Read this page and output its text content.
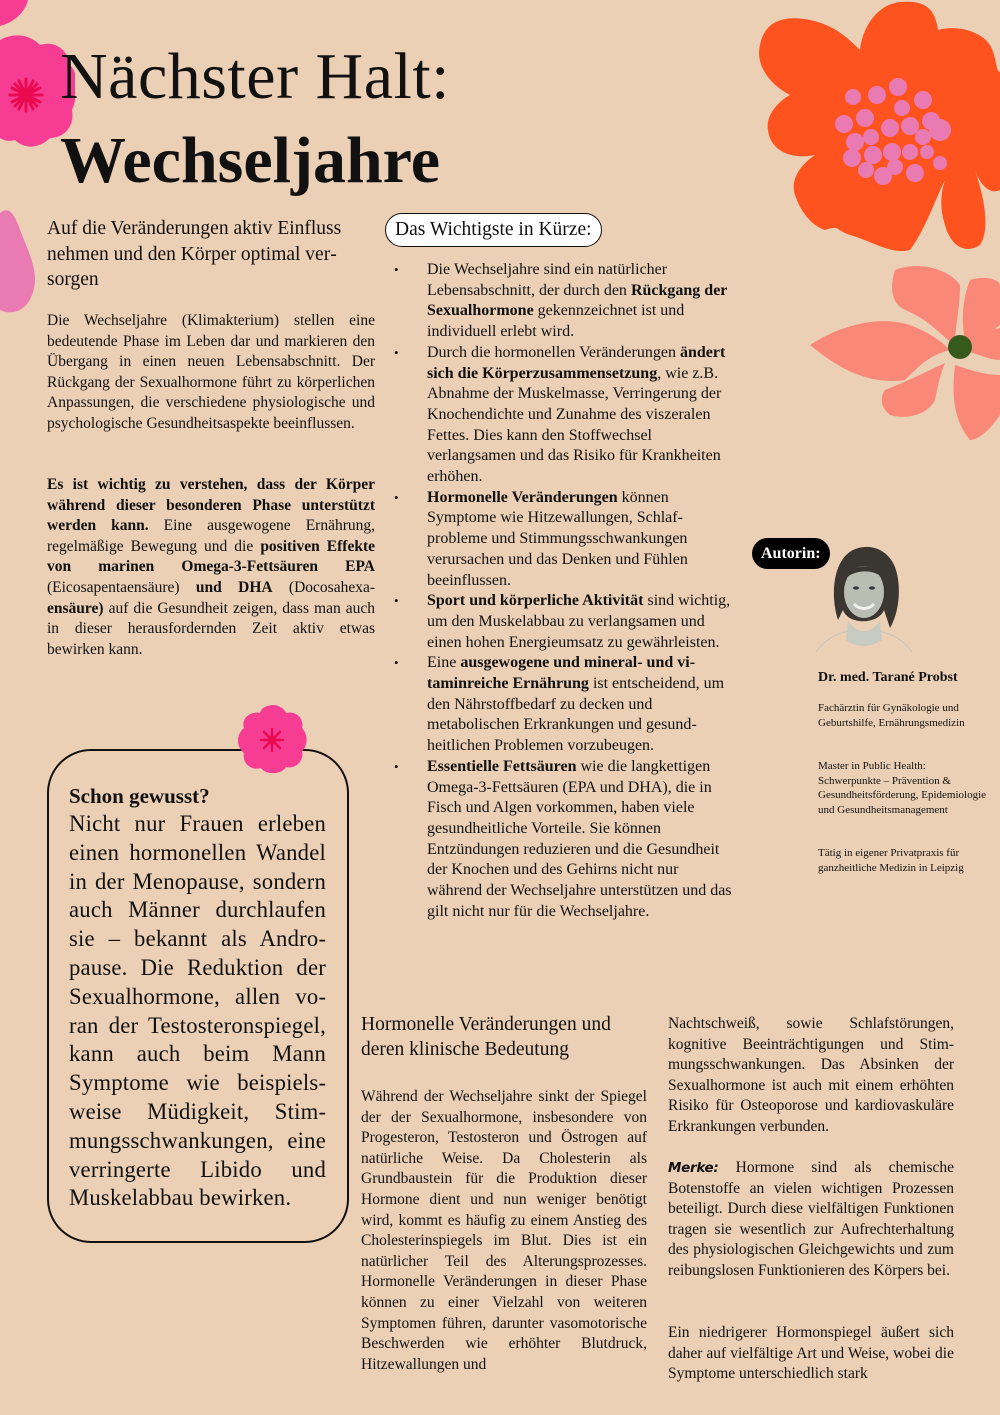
Nächster Halt:
Wechseljahre
Auf die Veränderungen aktiv Einfluss nehmen und den Körper optimal versorgen

Die Wechseljahre (Klimakterium) stellen eine bedeutende Phase im Leben dar und markieren den Übergang in einen neuen Lebensabschnitt. Der Rückgang der Sexualhormone führt zu körperlichen Anpassungen, die verschiedene physiologische und psychologische Gesundheitsaspekte beeinflussen.

Es ist wichtig zu verstehen, dass der Körper während dieser besonderen Phase unterstützt werden kann. Eine ausgewogene Ernährung, regelmäßige Bewegung und die positiven Effekte von marinen Omega-3-Fettsäuren EPA (Eicosapentaensäure) und DHA (Docosahexaensäure) auf die Gesundheit zeigen, dass man auch in dieser herausfordernden Zeit aktiv etwas bewirken kann.

Das Wichtigste in Kürze:
• Die Wechseljahre sind ein natürlicher Lebensabschnitt, der durch den Rückgang der Sexualhormone gekennzeichnet ist und individuell erlebt wird.
• Durch die hormonellen Veränderungen ändert sich die Körperzusammensetzung, wie z.B. Abnahme der Muskelmasse, Verringerung der Knochendichte und Zunahme des viszeralen Fettes. Dies kann den Stoffwechsel verlangsamen und das Risiko für Krankheiten erhöhen.
• Hormonelle Veränderungen können Symptome wie Hitzewallungen, Schlafprobleme und Stimmungsschwankungen verursachen und das Denken und Fühlen beeinflussen.
• Sport und körperliche Aktivität sind wichtig, um den Muskelabbau zu verlangsamen und einen hohen Energieumsatz zu gewährleisten.
• Eine ausgewogene und mineral- und vitaminreiche Ernährung ist entscheidend, um den Nährstoffbedarf zu decken und metabolischen Erkrankungen und gesundheitlichen Problemen vorzubeugen.
• Essentielle Fettsäuren wie die langkettigen Omega-3-Fettsäuren (EPA und DHA), die in Fisch und Algen vorkommen, haben viele gesundheitliche Vorteile. Sie können Entzündungen reduzieren und die Gesundheit der Knochen und des Gehirns nicht nur während der Wechseljahre unterstützen und das gilt nicht nur für die Wechseljahre.
Autorin:
Dr. med. Tarané Probst
Fachärztin für Gynäkologie und Geburtshilfe, Ernährungsmedizin
Master in Public Health: Schwerpunkte – Prävention & Gesundheitsförderung, Epidemiologie und Gesundheitsmanagement
Tätig in eigener Privatpraxis für ganzheitliche Medizin in Leipzig
Schon gewusst?
Nicht nur Frauen erleben einen hormonellen Wandel in der Menopause, sondern auch Männer durchlaufen sie – bekannt als Andropause. Die Reduktion der Sexualhormone, allen voran der Testosteronspiegel, kann auch beim Mann Symptome wie beispielsweise Müdigkeit, Stimmungsschwankungen, eine verringerte Libido und Muskelabbau bewirken.
Hormonelle Veränderungen und deren klinische Bedeutung

Während der Wechseljahre sinkt der Spiegel der der Sexualhormone, insbesondere von Progesteron, Testosteron und Östrogen auf natürliche Weise. Da Cholesterin als Grundbaustein für die Produktion dieser Hormone dient und nun weniger benötigt wird, kommt es häufig zu einem Anstieg des Cholesterinspiegels im Blut. Dies ist ein natürlicher Teil des Alterungsprozesses. Hormonelle Veränderungen in dieser Phase können zu einer Vielzahl von weiteren Symptomen führen, darunter vasomotorische Beschwerden wie erhöhter Blutdruck, Hitzewallungen und

Nachtschweiß, sowie Schlafstörungen, kognitive Beeinträchtigungen und Stimmungsschwankungen. Das Absinken der Sexualhormone ist auch mit einem erhöhten Risiko für Osteoporose und kardiovaskuläre Erkrankungen verbunden.

Merke: Hormone sind als chemische Botenstoffe an vielen wichtigen Prozessen beteiligt. Durch diese vielfältigen Funktionen tragen sie wesentlich zur Aufrechterhaltung des physiologischen Gleichgewichts und zum reibungslosen Funktionieren des Körpers bei.

Ein niedrigerer Hormonspiegel äußert sich daher auf vielfältige Art und Weise, wobei die Symptome unterschiedlich stark
